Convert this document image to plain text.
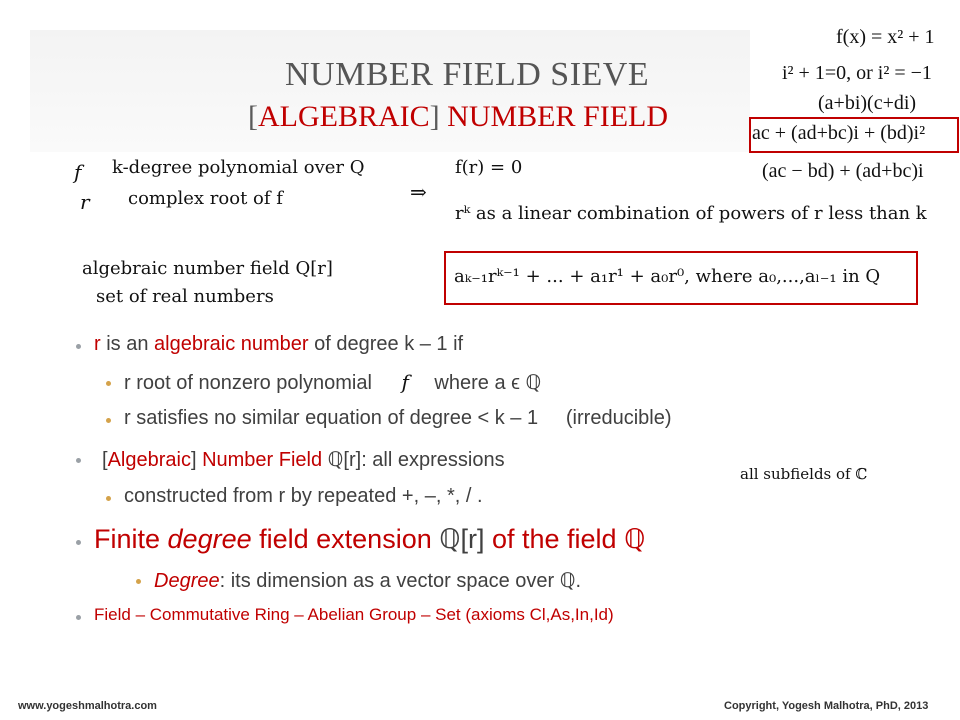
NUMBER FIELD SIEVE
[ALGEBRAIC] NUMBER FIELD
f(x) = x² + 1
i² + 1=0, or i² = −1
(a+bi)(c+di)
ac + (ad+bc)i + (bd)i²
(ac − bd) + (ad+bc)i
f k-degree polynomial over Q
r complex root of f	⇒
f(r) = 0
rᵏ as a linear combination of powers of r less than k
algebraic number field Q[r]
set of real numbers
aₖ₋₁rᵏ⁻¹ + ... + a₁r¹ + a₀r⁰, where a₀,...,aₗ₋₁ in Q
all subfields of ℂ
r is an algebraic number of degree k – 1 if
r root of nonzero polynomial f where a ϵ ℚ
r satisfies no similar equation of degree < k – 1     (irreducible)
[Algebraic] Number Field ℚ[r]: all expressions
constructed from r by repeated +, –, *, / .
Finite degree field extension ℚ[r] of the field ℚ
Degree: its dimension as a vector space over ℚ.
Field – Commutative Ring – Abelian Group – Set (axioms Cl,As,In,Id)
www.yogeshmalhotra.com	Copyright, Yogesh Malhotra, PhD, 2013
